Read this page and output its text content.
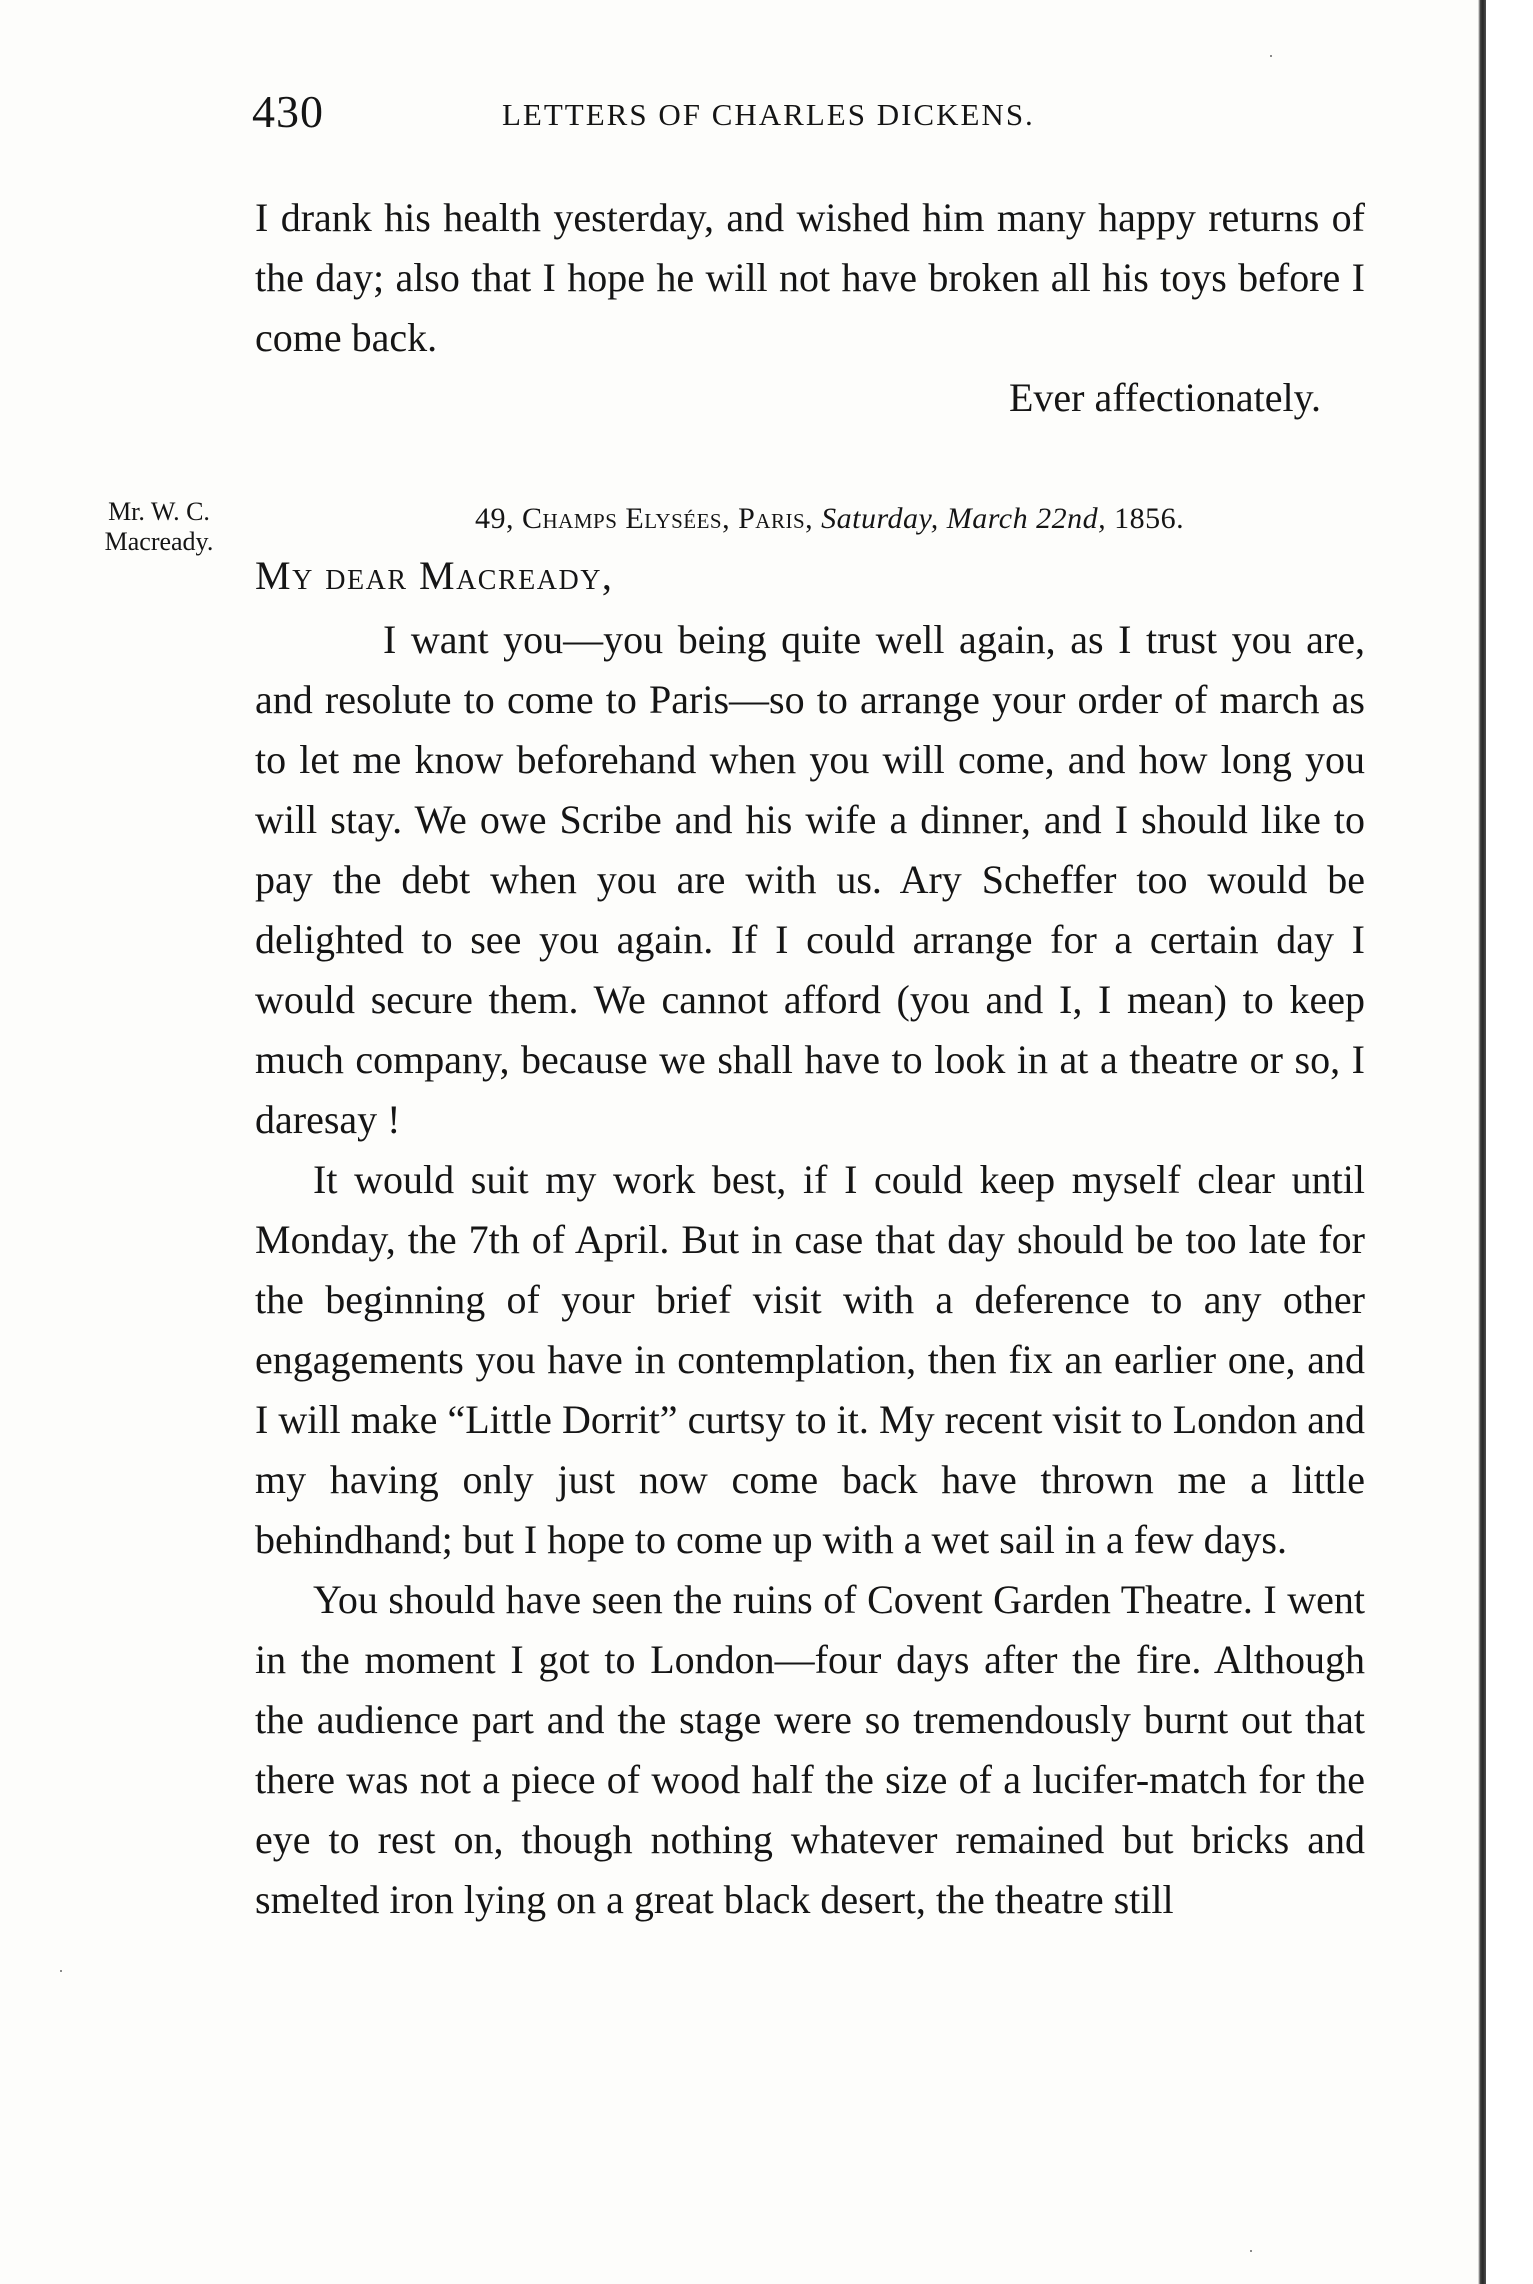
430	LETTERS OF CHARLES DICKENS.

I drank his health yesterday, and wished him many happy returns of the day; also that I hope he will not have broken all his toys before I come back.

Ever affectionately.
Mr. W. C.
Macready.
49, Champs Elysées, Paris, Saturday, March 22nd, 1856.
My dear Macready,

I want you—you being quite well again, as I trust you are, and resolute to come to Paris—so to arrange your order of march as to let me know beforehand when you will come, and how long you will stay. We owe Scribe and his wife a dinner, and I should like to pay the debt when you are with us. Ary Scheffer too would be delighted to see you again. If I could arrange for a certain day I would secure them. We cannot afford (you and I, I mean) to keep much company, because we shall have to look in at a theatre or so, I daresay !

It would suit my work best, if I could keep myself clear until Monday, the 7th of April. But in case that day should be too late for the beginning of your brief visit with a deference to any other engagements you have in contemplation, then fix an earlier one, and I will make “Little Dorrit” curtsy to it. My recent visit to London and my having only just now come back have thrown me a little behindhand; but I hope to come up with a wet sail in a few days.

You should have seen the ruins of Covent Garden Theatre. I went in the moment I got to London—four days after the fire. Although the audience part and the stage were so tremendously burnt out that there was not a piece of wood half the size of a lucifer-match for the eye to rest on, though nothing whatever remained but bricks and smelted iron lying on a great black desert, the theatre still
